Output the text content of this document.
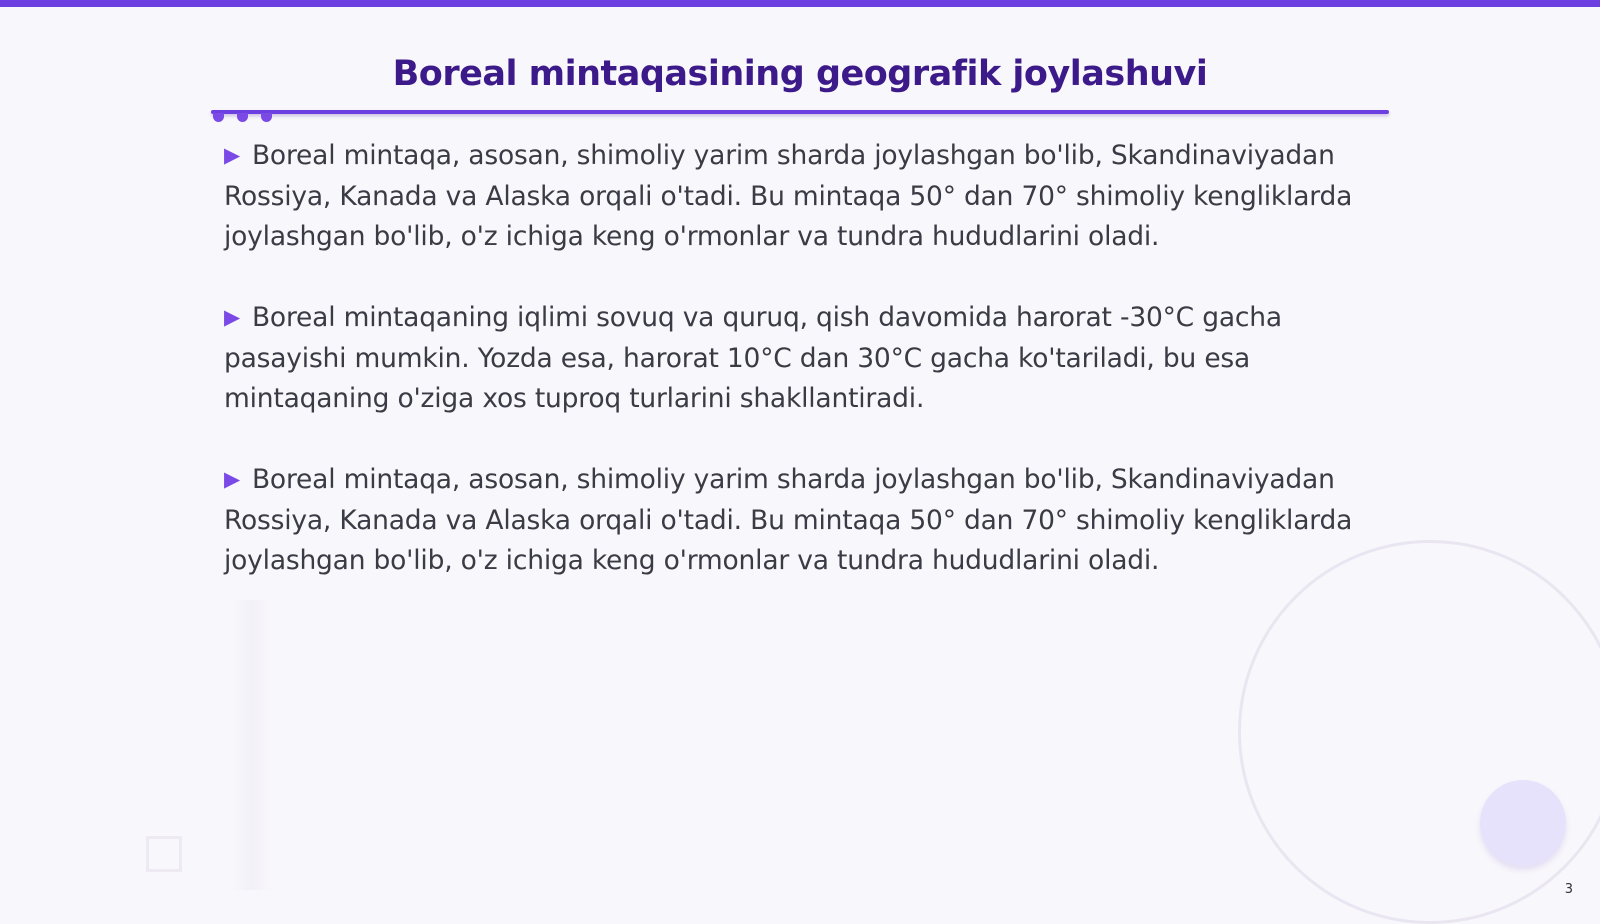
Boreal mintaqasining geografik joylashuvi

▶ Boreal mintaqa, asosan, shimoliy yarim sharda joylashgan bo'lib, Skandinaviyadan Rossiya, Kanada va Alaska orqali o'tadi. Bu mintaqa 50° dan 70° shimoliy kengliklarda joylashgan bo'lib, o'z ichiga keng o'rmonlar va tundra hududlarini oladi.

▶ Boreal mintaqaning iqlimi sovuq va quruq, qish davomida harorat -30°C gacha pasayishi mumkin. Yozda esa, harorat 10°C dan 30°C gacha ko'tariladi, bu esa mintaqaning o'ziga xos tuproq turlarini shakllantiradi.

▶ Boreal mintaqa, asosan, shimoliy yarim sharda joylashgan bo'lib, Skandinaviyadan Rossiya, Kanada va Alaska orqali o'tadi. Bu mintaqa 50° dan 70° shimoliy kengliklarda joylashgan bo'lib, o'z ichiga keng o'rmonlar va tundra hududlarini oladi.

3
